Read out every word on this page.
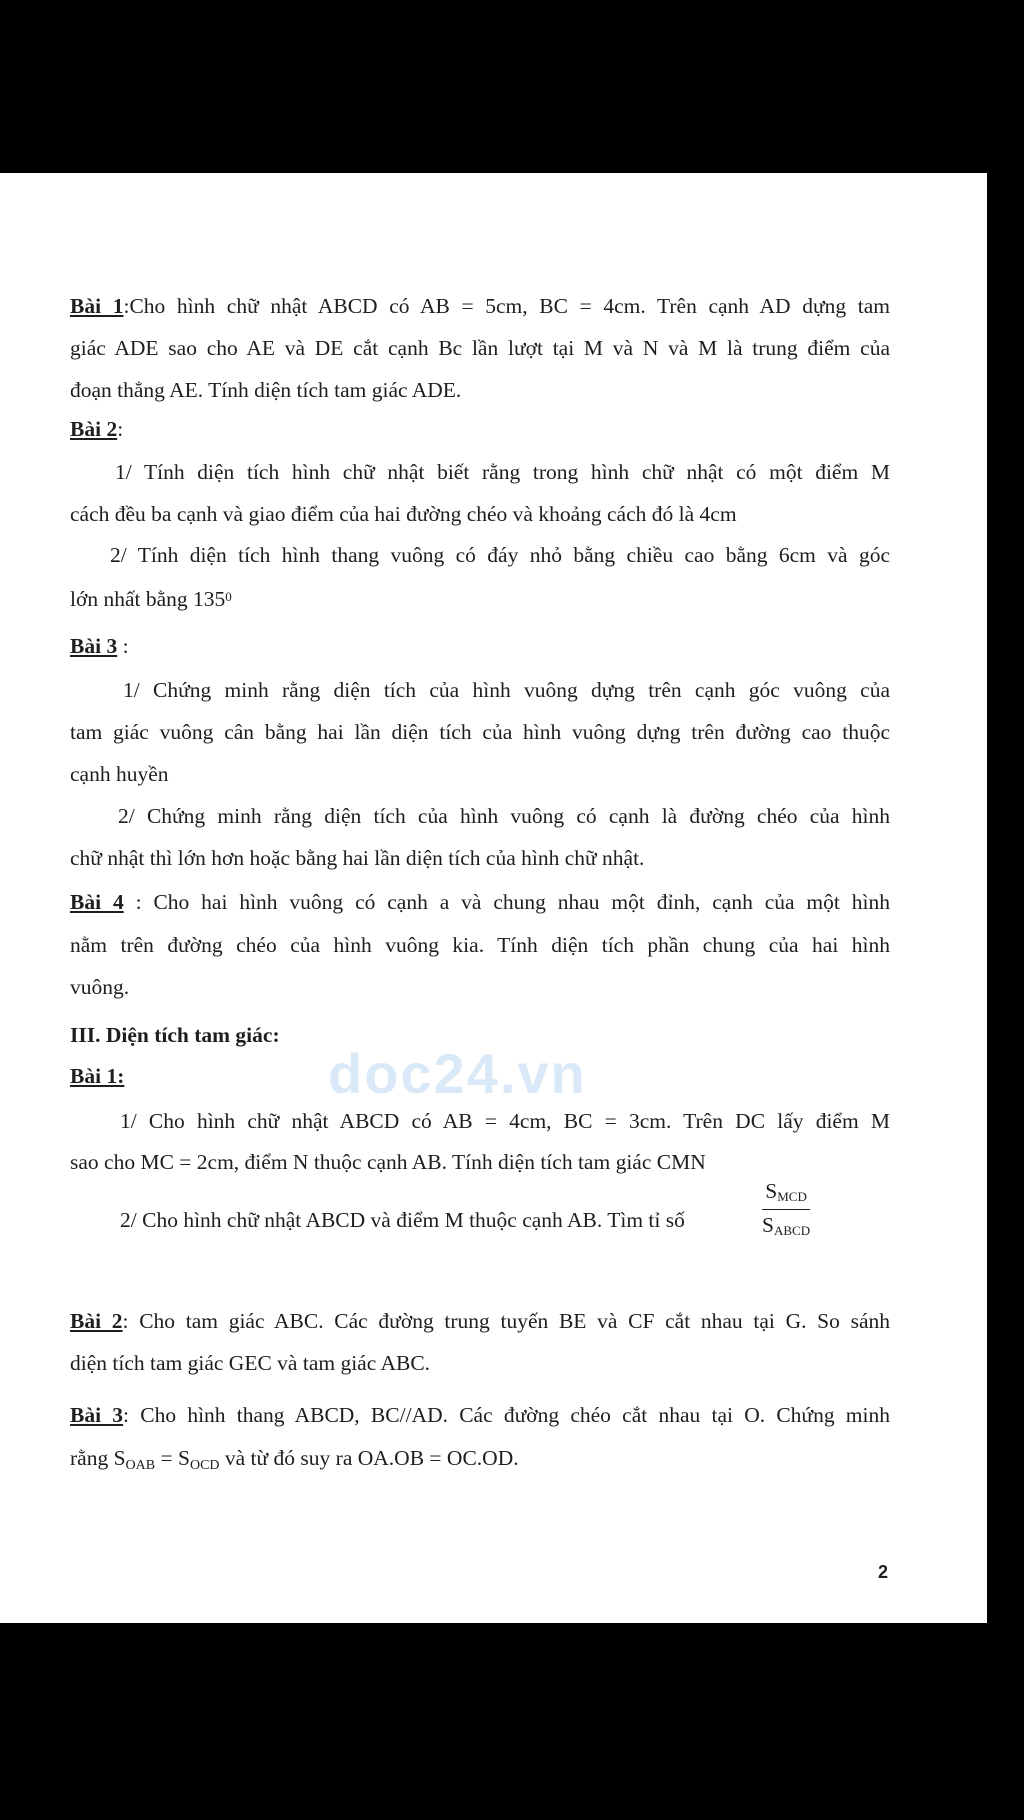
doc24.vn
Bài 1:Cho hình chữ nhật ABCD có AB = 5cm, BC = 4cm. Trên cạnh AD dựng tam
giác ADE sao cho AE và DE cắt cạnh Bc lần lượt tại M và N và M là trung điểm của
đoạn thẳng AE. Tính diện tích tam giác ADE.
Bài 2:
1/ Tính diện tích hình chữ nhật biết rằng trong hình chữ nhật có một điểm M
cách đều ba cạnh và giao điểm của hai đường chéo và khoảng cách đó là 4cm
2/ Tính diện tích hình thang vuông có đáy nhỏ bằng chiều cao bằng 6cm và góc
lớn nhất bằng $135^0$
Bài 3 :
1/ Chứng minh rằng diện tích của hình vuông dựng trên cạnh góc vuông của
tam giác vuông cân bằng hai lần diện tích của hình vuông dựng trên đường cao thuộc
cạnh huyền
2/ Chứng minh rằng diện tích của hình vuông có cạnh là đường chéo của hình
chữ nhật thì lớn hơn hoặc bằng hai lần diện tích của hình chữ nhật.
Bài 4 : Cho hai hình vuông có cạnh a và chung nhau một đỉnh, cạnh của một hình
nằm trên đường chéo của hình vuông kia. Tính diện tích phần chung của hai hình
vuông.
III. Diện tích tam giác:
Bài 1:
1/ Cho hình chữ nhật ABCD có AB = 4cm, BC = 3cm. Trên DC lấy điểm M
sao cho MC = 2cm, điểm N thuộc cạnh AB. Tính diện tích tam giác CMN
2/ Cho hình chữ nhật ABCD và điểm M thuộc cạnh AB. Tìm tỉ số
SMCD
SABCD
Bài 2: Cho tam giác ABC. Các đường trung tuyến BE và CF cắt nhau tại G. So sánh
diện tích tam giác GEC và tam giác ABC.
Bài 3: Cho hình thang ABCD, BC//AD. Các đường chéo cắt nhau tại O. Chứng minh
rằng SOAB = SOCD và từ đó suy ra OA.OB = OC.OD.
2
